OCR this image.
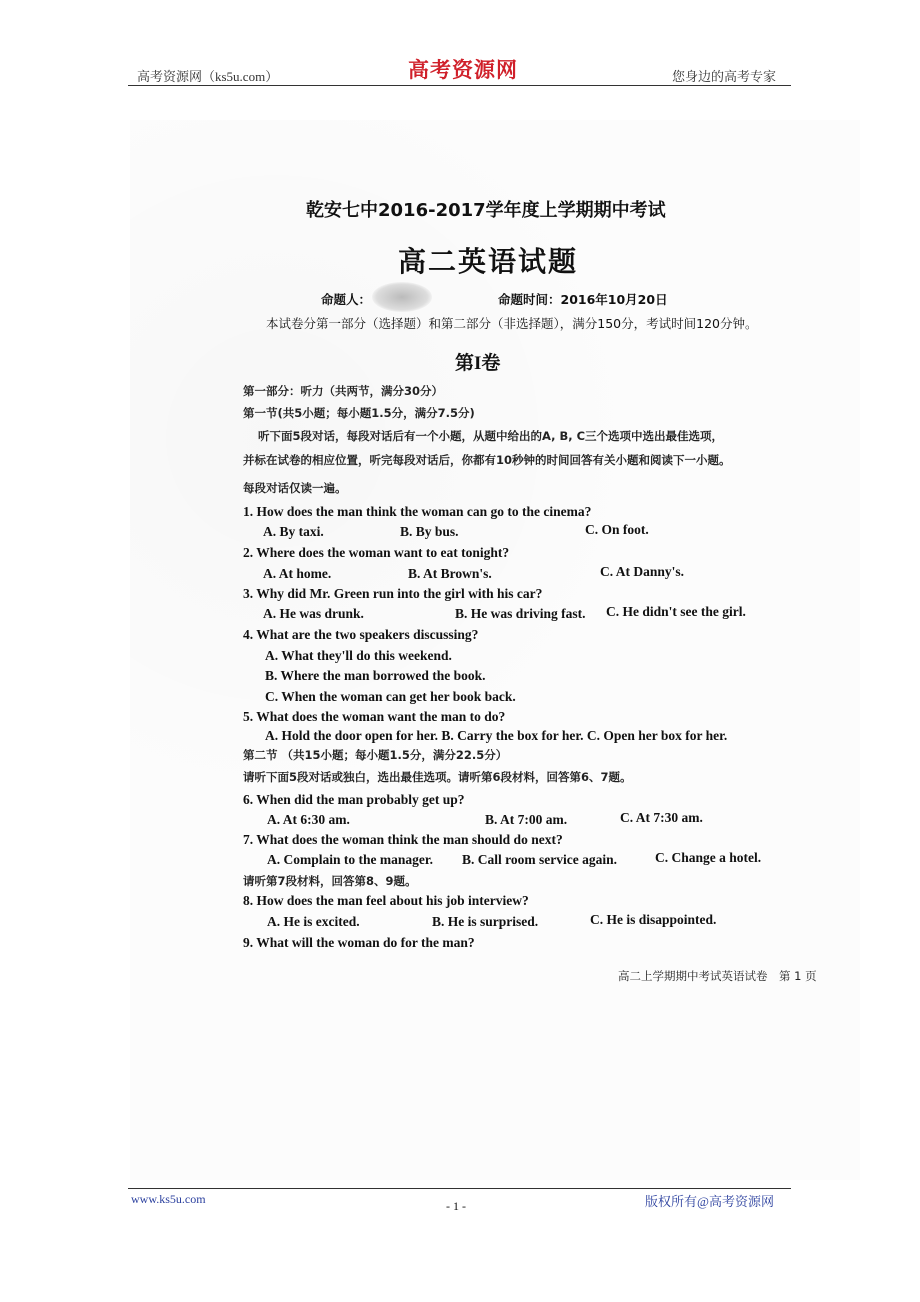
高考资源网（ks5u.com）	高考资源网	您身边的高考专家
乾安七中2016-2017学年度上学期期中考试
高二英语试题
命题人：	命题时间：2016年10月20日
本试卷分第一部分（选择题）和第二部分（非选择题），满分150分，考试时间120分钟。
第I卷
第一部分：听力（共两节，满分30分）
第一节(共5小题；每小题1.5分，满分7.5分)
听下面5段对话，每段对话后有一个小题，从题中给出的A, B, C三个选项中选出最佳选项，
并标在试卷的相应位置，听完每段对话后，你都有10秒钟的时间回答有关小题和阅读下一小题。
每段对话仅读一遍。
第二节 （共15小题；每小题1.5分，满分22.5分）
请听下面5段对话或独白，选出最佳选项。请听第6段材料，回答第6、7题。
请听第7段材料，回答第8、9题。
1. How does the man think the woman can go to the cinema?
A. By taxi.	B. By bus.	C. On foot.
2. Where does the woman want to eat tonight?
A. At home.	B. At Brown's.	C. At Danny's.
3. Why did Mr. Green run into the girl with his car?
A. He was drunk.	B. He was driving fast. C. He didn't see the girl.
4. What are the two speakers discussing?
A. What they'll do this weekend.
B. Where the man borrowed the book.
C. When the woman can get her book back.
5. What does the woman want the man to do?
A. Hold the door open for her. B. Carry the box for her. C. Open her box for her.
6. When did the man probably get up?
A. At 6:30 am.	B. At 7:00 am.	C. At 7:30 am.
7. What does the woman think the man should do next?
A. Complain to the manager. B. Call room service again.	C. Change a hotel.
8. How does the man feel about his job interview?
A. He is excited.	B. He is surprised.	C. He is disappointed.
9. What will the woman do for the man?
高二上学期期中考试英语试卷　第 1 页
www.ks5u.com	- 1 -	版权所有@高考资源网
